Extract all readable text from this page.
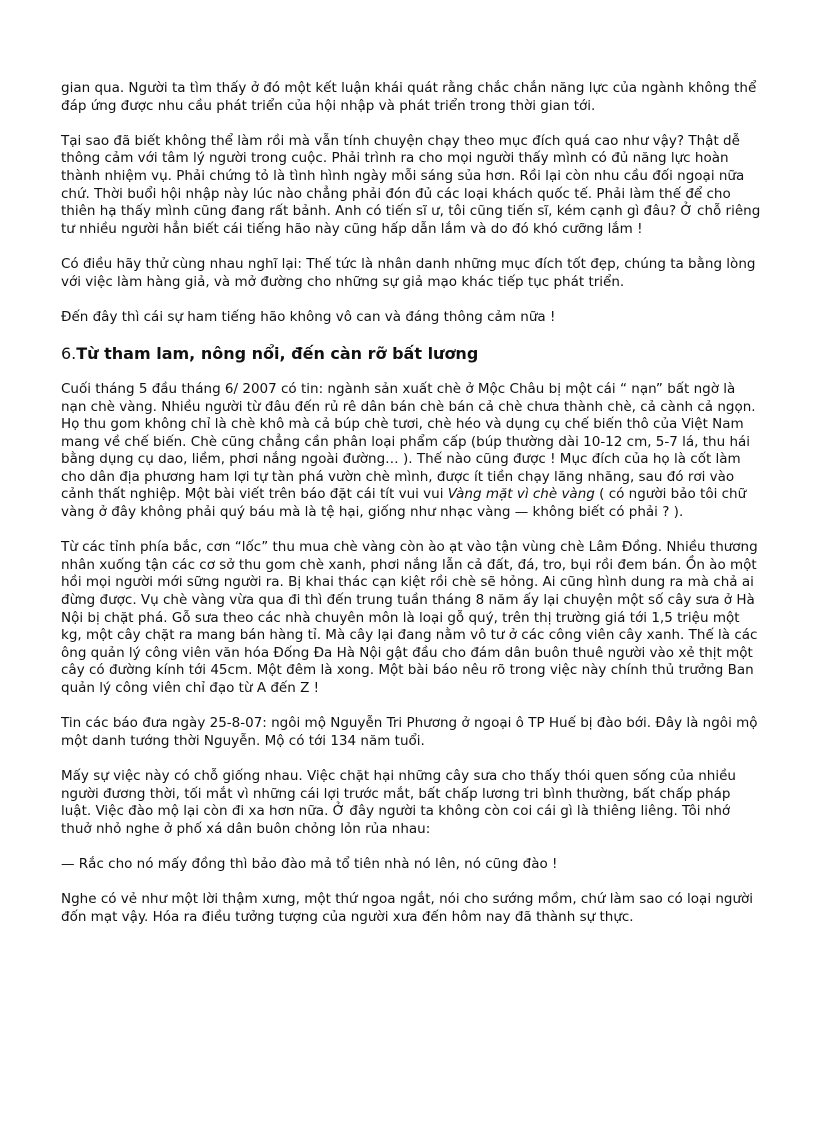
gian qua. Người ta tìm thấy ở đó một kết luận khái quát rằng chắc chắn năng lực của ngành không thể đáp ứng được nhu cầu phát triển của hội nhập và phát triển trong thời gian tới.

Tại sao đã biết không thể làm rồi mà vẫn tính chuyện chạy theo mục đích quá cao như vậy? Thật dễ thông cảm với tâm lý người trong cuộc. Phải trình ra cho mọi người thấy mình có đủ năng lực hoàn thành nhiệm vụ. Phải chứng tỏ là tình hình ngày mỗi sáng sủa hơn. Rồi lại còn nhu cầu đối ngoại nữa chứ. Thời buổi hội nhập này lúc nào chẳng phải đón đủ các loại khách quốc tế. Phải làm thế để cho thiên hạ thấy mình cũng đang rất bảnh. Anh có tiến sĩ ư, tôi cũng tiến sĩ, kém cạnh gì đâu? Ở chỗ riêng tư nhiều người hẳn biết cái tiếng hão này cũng hấp dẫn lắm và do đó khó cưỡng lắm !

Có điều hãy thử cùng nhau nghĩ lại: Thế tức là nhân danh những mục đích tốt đẹp, chúng ta bằng lòng với việc làm hàng giả, và mở đường cho những sự giả mạo khác tiếp tục phát triển.

Đến đây thì cái sự ham tiếng hão không vô can và đáng thông cảm nữa !

6.Từ tham lam, nông nổi, đến càn rỡ bất lương

Cuối tháng 5 đầu tháng 6/ 2007 có tin: ngành sản xuất chè ở Mộc Châu bị một cái “ nạn” bất ngờ là nạn chè vàng. Nhiều người từ đâu đến rủ rê dân bán chè bán cả chè chưa thành chè, cả cành cả ngọn. Họ thu gom không chỉ là chè khô mà cả búp chè tươi, chè héo và dụng cụ chế biến thô của Việt Nam mang về chế biến. Chè cũng chẳng cần phân loại phẩm cấp (búp thường dài 10-12 cm, 5-7 lá, thu hái bằng dụng cụ dao, liềm, phơi nắng ngoài đường… ). Thế nào cũng được ! Mục đích của họ là cốt làm cho dân địa phương ham lợi tự tàn phá vườn chè mình, được ít tiền chạy lăng nhăng, sau đó rơi vào cảnh thất nghiệp. Một bài viết trên báo đặt cái tít vui vui Vàng mặt vì chè vàng ( có người bảo tôi chữ vàng ở đây không phải quý báu mà là tệ hại, giống như nhạc vàng — không biết có phải ? ).

Từ các tỉnh phía bắc, cơn “lốc” thu mua chè vàng còn ào ạt vào tận vùng chè Lâm Đồng. Nhiều thương nhân xuống tận các cơ sở thu gom chè xanh, phơi nắng lẫn cả đất, đá, tro, bụi rồi đem bán. Ồn ào một hồi mọi người mới sững người ra. Bị khai thác cạn kiệt rồi chè sẽ hỏng. Ai cũng hình dung ra mà chả ai đừng được. Vụ chè vàng vừa qua đi thì đến trung tuần tháng 8 năm ấy lại chuyện một số cây sưa ở Hà Nội bị chặt phá. Gỗ sưa theo các nhà chuyên môn là loại gỗ quý, trên thị trường giá tới 1,5 triệu một kg, một cây chặt ra mang bán hàng tỉ. Mà cây lại đang nằm vô tư ở các công viên cây xanh. Thế là các ông quản lý công viên văn hóa Đống Đa Hà Nội gật đầu cho đám dân buôn thuê người vào xẻ thịt một cây có đường kính tới 45cm. Một đêm là xong. Một bài báo nêu rõ trong việc này chính thủ trưởng Ban quản lý công viên chỉ đạo từ A đến Z !

Tin các báo đưa ngày 25-8-07: ngôi mộ Nguyễn Tri Phương ở ngoại ô TP Huế bị đào bới. Đây là ngôi mộ một danh tướng thời Nguyễn. Mộ có tới 134 năm tuổi.

Mấy sự việc này có chỗ giống nhau. Việc chặt hại những cây sưa cho thấy thói quen sống của nhiều người đương thời, tối mắt vì những cái lợi trước mắt, bất chấp lương tri bình thường, bất chấp pháp luật. Việc đào mộ lại còn đi xa hơn nữa. Ở đây người ta không còn coi cái gì là thiêng liêng. Tôi nhớ thuở nhỏ nghe ở phố xá dân buôn chỏng lỏn rủa nhau:

— Rắc cho nó mấy đồng thì bảo đào mả tổ tiên nhà nó lên, nó cũng đào !

Nghe có vẻ như một lời thậm xưng, một thứ ngoa ngắt, nói cho sướng mồm, chứ làm sao có loại người đốn mạt vậy. Hóa ra điều tưởng tượng của người xưa đến hôm nay đã thành sự thực.
